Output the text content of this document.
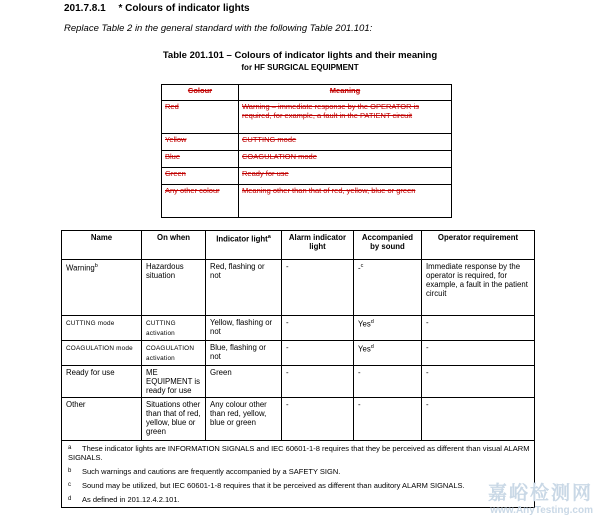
201.7.8.1 * Colours of indicator lights
Replace Table 2 in the general standard with the following Table 201.101:
Table 201.101 – Colours of indicator lights and their meaning
for HF SURGICAL EQUIPMENT
Colour	Meaning
Red	Warning – immediate response by the OPERATOR is required, for example, a fault in the PATIENT circuit
Yellow	CUTTING mode
Blue	COAGULATION mode
Green	Ready for use
Any other colour	Meaning other than that of red, yellow, blue or green
Name	On when	Indicator light$^a$	Alarm indicator light	Accompanied by sound	Operator requirement
Warning$^b$	Hazardous situation	Red, flashing or not	-	-$^c$	Immediate response by the operator is required, for example, a fault in the patient circuit
CUTTING mode	CUTTING activation	Yellow, flashing or not	-	Yes$^d$	-
COAGULATION mode	COAGULATION activation	Blue, flashing or not	-	Yes$^d$	-
Ready for use	ME EQUIPMENT is ready for use	Green	-	-	-
Other	Situations other than that of red, yellow, blue or green	Any colour other than red, yellow, blue or green	-	-	-

a These indicator lights are INFORMATION SIGNALS and IEC 60601-1-8 requires that they be perceived as different than visual ALARM SIGNALS.
b Such warnings and cautions are frequently accompanied by a SAFETY SIGN.
c Sound may be utilized, but IEC 60601-1-8 requires that it be perceived as different than auditory ALARM SIGNALS.
d As defined in 201.12.4.2.101.						嘉峪检测网
www.AnyTesting.com
